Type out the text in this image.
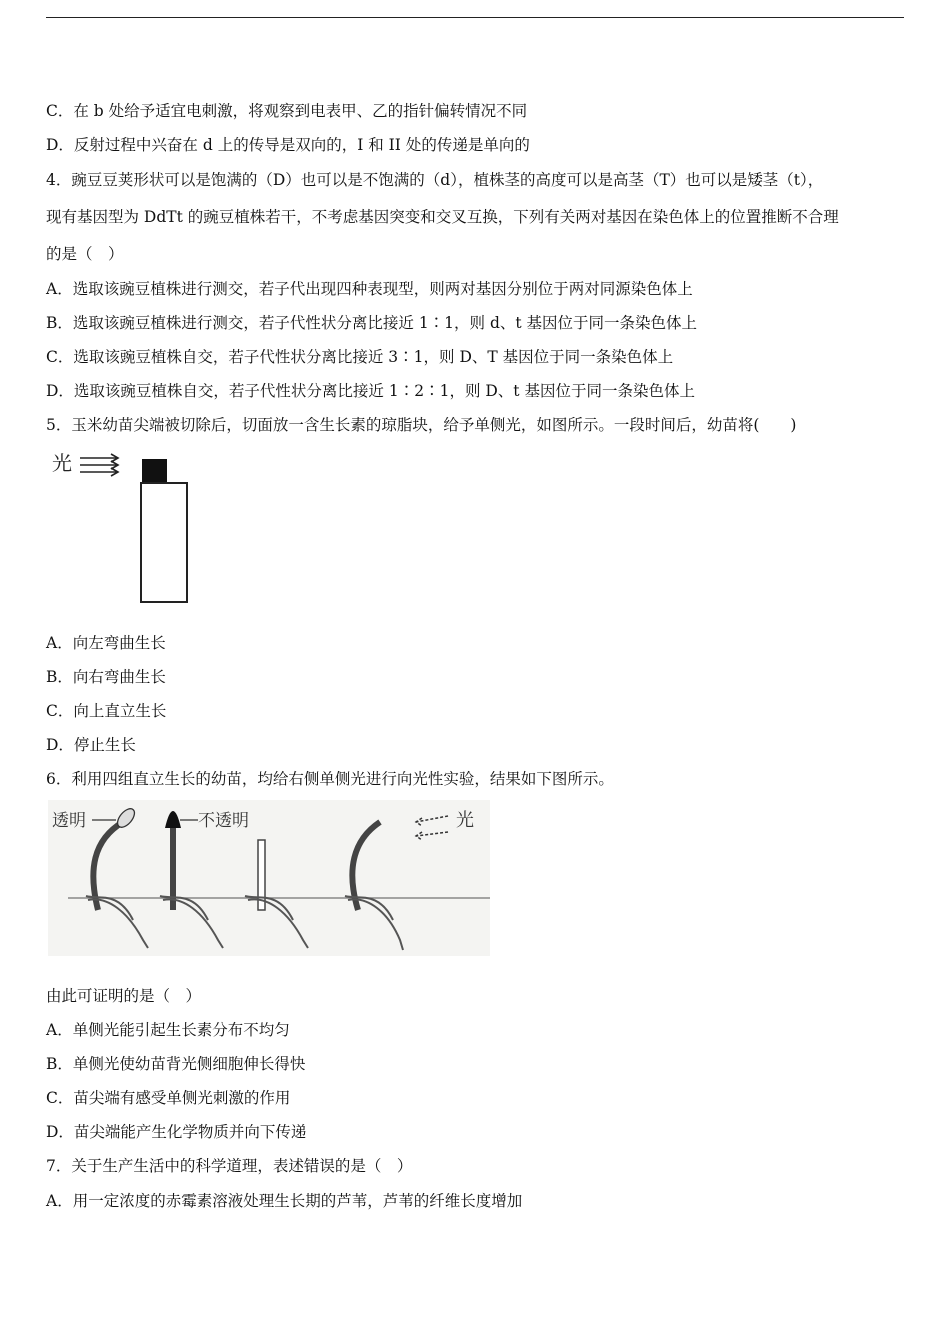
C．在 b 处给予适宜电刺激，将观察到电表甲、乙的指针偏转情况不同
D．反射过程中兴奋在 d 上的传导是双向的，I 和 II 处的传递是单向的
4．豌豆豆荚形状可以是饱满的（D）也可以是不饱满的（d），植株茎的高度可以是高茎（T）也可以是矮茎（t），
现有基因型为 DdTt 的豌豆植株若干，不考虑基因突变和交叉互换，下列有关两对基因在染色体上的位置推断不合理
的是（　）
A．选取该豌豆植株进行测交，若子代出现四种表现型，则两对基因分别位于两对同源染色体上
B．选取该豌豆植株进行测交，若子代性状分离比接近 1∶1，则 d、t 基因位于同一条染色体上
C．选取该豌豆植株自交，若子代性状分离比接近 3∶1，则 D、T 基因位于同一条染色体上
D．选取该豌豆植株自交，若子代性状分离比接近 1∶2∶1，则 D、t 基因位于同一条染色体上
5．玉米幼苗尖端被切除后，切面放一含生长素的琼脂块，给予单侧光，如图所示。一段时间后，幼苗将(　　)
光
A．向左弯曲生长
B．向右弯曲生长
C．向上直立生长
D．停止生长
6．利用四组直立生长的幼苗，均给右侧单侧光进行向光性实验，结果如下图所示。
透明	不透明	光
由此可证明的是（　）
A．单侧光能引起生长素分布不均匀
B．单侧光使幼苗背光侧细胞伸长得快
C．苗尖端有感受单侧光刺激的作用
D．苗尖端能产生化学物质并向下传递
7．关于生产生活中的科学道理，表述错误的是（　）
A．用一定浓度的赤霉素溶液处理生长期的芦苇，芦苇的纤维长度增加
